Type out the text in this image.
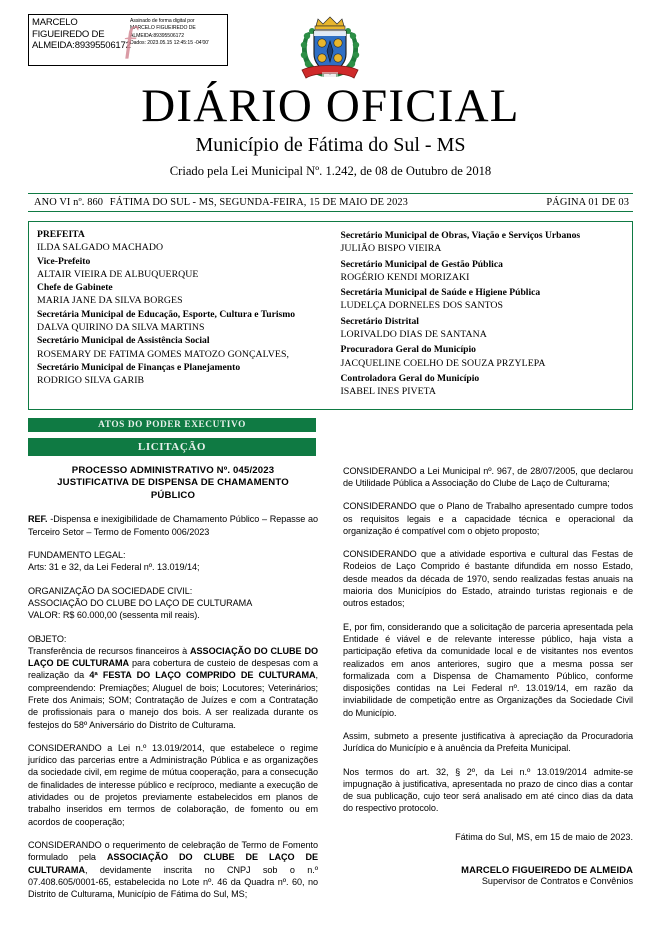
MARCELO FIGUEIREDO DE ALMEIDA:89395506172
ƒ
Assinado de forma digital por
MARCELO FIGUEIREDO DE
ALMEIDA:89395506172
Dados: 2023.05.15 12:45:15 -04'00'
DIÁRIO OFICIAL
Município de Fátima do Sul - MS
Criado pela Lei Municipal Nº. 1.242, de 08 de Outubro de 2018
ANO VI nº. 860 FÁTIMA DO SUL - MS, SEGUNDA-FEIRA, 15 DE MAIO DE 2023	PÁGINA 01 DE 03
PREFEITA
ILDA SALGADO MACHADO
Vice-Prefeito
ALTAIR VIEIRA DE ALBUQUERQUE
Chefe de Gabinete
MARIA JANE DA SILVA BORGES
Secretária Municipal de Educação, Esporte, Cultura e Turismo
DALVA QUIRINO DA SILVA MARTINS
Secretário Municipal de Assistência Social
ROSEMARY DE FATIMA GOMES MATOZO GONÇALVES,
Secretário Municipal de Finanças e Planejamento
RODRIGO SILVA GARIB
Secretário Municipal de Obras, Viação e Serviços Urbanos
JULIÃO BISPO VIEIRA
Secretário Municipal de Gestão Pública
ROGÉRIO KENDI MORIZAKI
Secretária Municipal de Saúde e Higiene Pública
LUDELÇA DORNELES DOS SANTOS
Secretário Distrital
LORIVALDO DIAS DE SANTANA
Procuradora Geral do Município
JACQUELINE COELHO DE SOUZA PRZYLEPA
Controladora Geral do Município
ISABEL INES PIVETA
ATOS DO PODER EXECUTIVO
LICITAÇÃO
PROCESSO ADMINISTRATIVO Nº. 045/2023
JUSTIFICATIVA DE DISPENSA DE CHAMAMENTO
PÚBLICO

REF. -Dispensa e inexigibilidade de Chamamento Público – Repasse ao Terceiro Setor – Termo de Fomento 006/2023

FUNDAMENTO LEGAL:
Arts: 31 e 32, da Lei Federal nº. 13.019/14;

ORGANIZAÇÃO DA SOCIEDADE CIVIL:
ASSOCIAÇÃO DO CLUBE DO LAÇO DE CULTURAMA
VALOR: R$ 60.000,00 (sessenta mil reais).

OBJETO:
Transferência de recursos financeiros à ASSOCIAÇÃO DO CLUBE DO LAÇO DE CULTURAMA para cobertura de custeio de despesas com a realização da 4ª FESTA DO LAÇO COMPRIDO DE CULTURAMA, compreendendo: Premiações; Aluguel de bois; Locutores; Veterinários; Frete dos Animais; SOM; Contratação de Juízes e com a Contratação de profissionais para o manejo dos bois. A ser realizada durante os festejos do 58º Aniversário do Distrito de Culturama.

CONSIDERANDO a Lei n.º 13.019/2014, que estabelece o regime jurídico das parcerias entre a Administração Pública e as organizações da sociedade civil, em regime de mútua cooperação, para a consecução de finalidades de interesse público e recíproco, mediante a execução de atividades ou de projetos previamente estabelecidos em planos de trabalho inseridos em termos de colaboração, de fomento ou em acordos de cooperação;

CONSIDERANDO o requerimento de celebração de Termo de Fomento formulado pela ASSOCIAÇÃO DO CLUBE DE LAÇO DE CULTURAMA, devidamente inscrita no CNPJ sob o n.º 07.408.605/0001-65, estabelecida no Lote nº. 46 da Quadra nº. 60, no Distrito de Culturama, Município de Fátima do Sul, MS;

CONSIDERANDO a Lei Municipal nº. 967, de 28/07/2005, que declarou de Utilidade Pública a Associação do Clube de Laço de Culturama;

CONSIDERANDO que o Plano de Trabalho apresentado cumpre todos os requisitos legais e a capacidade técnica e operacional da organização é compatível com o objeto proposto;

CONSIDERANDO que a atividade esportiva e cultural das Festas de Rodeios de Laço Comprido é bastante difundida em nosso Estado, desde meados da década de 1970, sendo realizadas festas anuais na maioria dos Municípios do Estado, atraindo turistas regionais e de outros estados;

E, por fim, considerando que a solicitação de parceria apresentada pela Entidade é viável e de relevante interesse público, haja vista a participação efetiva da comunidade local e de visitantes nos eventos realizados em anos anteriores, sugiro que a mesma possa ser formalizada com a Dispensa de Chamamento Público, conforme disposições contidas na Lei Federal nº. 13.019/14, em razão da inviabilidade de competição entre as Organizações da Sociedade Civil do Município.

Assim, submeto a presente justificativa à apreciação da Procuradoria Jurídica do Município e à anuência da Prefeita Municipal.

Nos termos do art. 32, § 2º, da Lei n.º 13.019/2014 admite-se impugnação à justificativa, apresentada no prazo de cinco dias a contar de sua publicação, cujo teor será analisado em até cinco dias da data do respectivo protocolo.

Fátima do Sul, MS, em 15 de maio de 2023.
MARCELO FIGUEIREDO DE ALMEIDA
Supervisor de Contratos e Convênios
